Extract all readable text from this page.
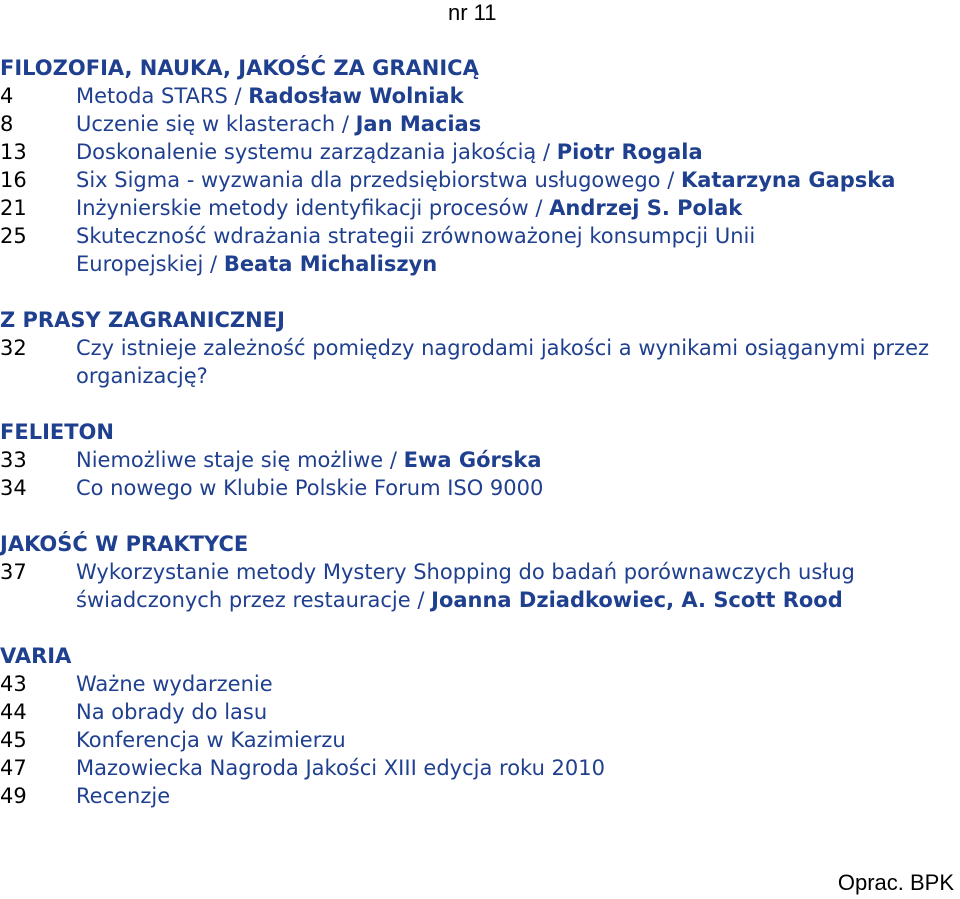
nr 11
FILOZOFIA, NAUKA, JAKOŚĆ ZA GRANICĄ
4	Metoda STARS / Radosław Wolniak
8	Uczenie się w klasterach / Jan Macias
13	Doskonalenie systemu zarządzania jakością / Piotr Rogala
16	Six Sigma - wyzwania dla przedsiębiorstwa usługowego / Katarzyna Gapska
21	Inżynierskie metody identyfikacji procesów / Andrzej S. Polak
25	Skuteczność wdrażania strategii zrównoważonej konsumpcji Unii Europejskiej / Beata Michaliszyn
Z PRASY ZAGRANICZNEJ
32	Czy istnieje zależność pomiędzy nagrodami jakości a wynikami osiąganymi przez organizację?
FELIETON
33	Niemożliwe staje się możliwe / Ewa Górska
34	Co nowego w Klubie Polskie Forum ISO 9000
JAKOŚĆ W PRAKTYCE
37	Wykorzystanie metody Mystery Shopping do badań porównawczych usług świadczonych przez restauracje / Joanna Dziadkowiec, A. Scott Rood
VARIA
43	Ważne wydarzenie
44	Na obrady do lasu
45	Konferencja w Kazimierzu
47	Mazowiecka Nagroda Jakości XIII edycja roku 2010
49	Recenzje
Oprac. BPK
